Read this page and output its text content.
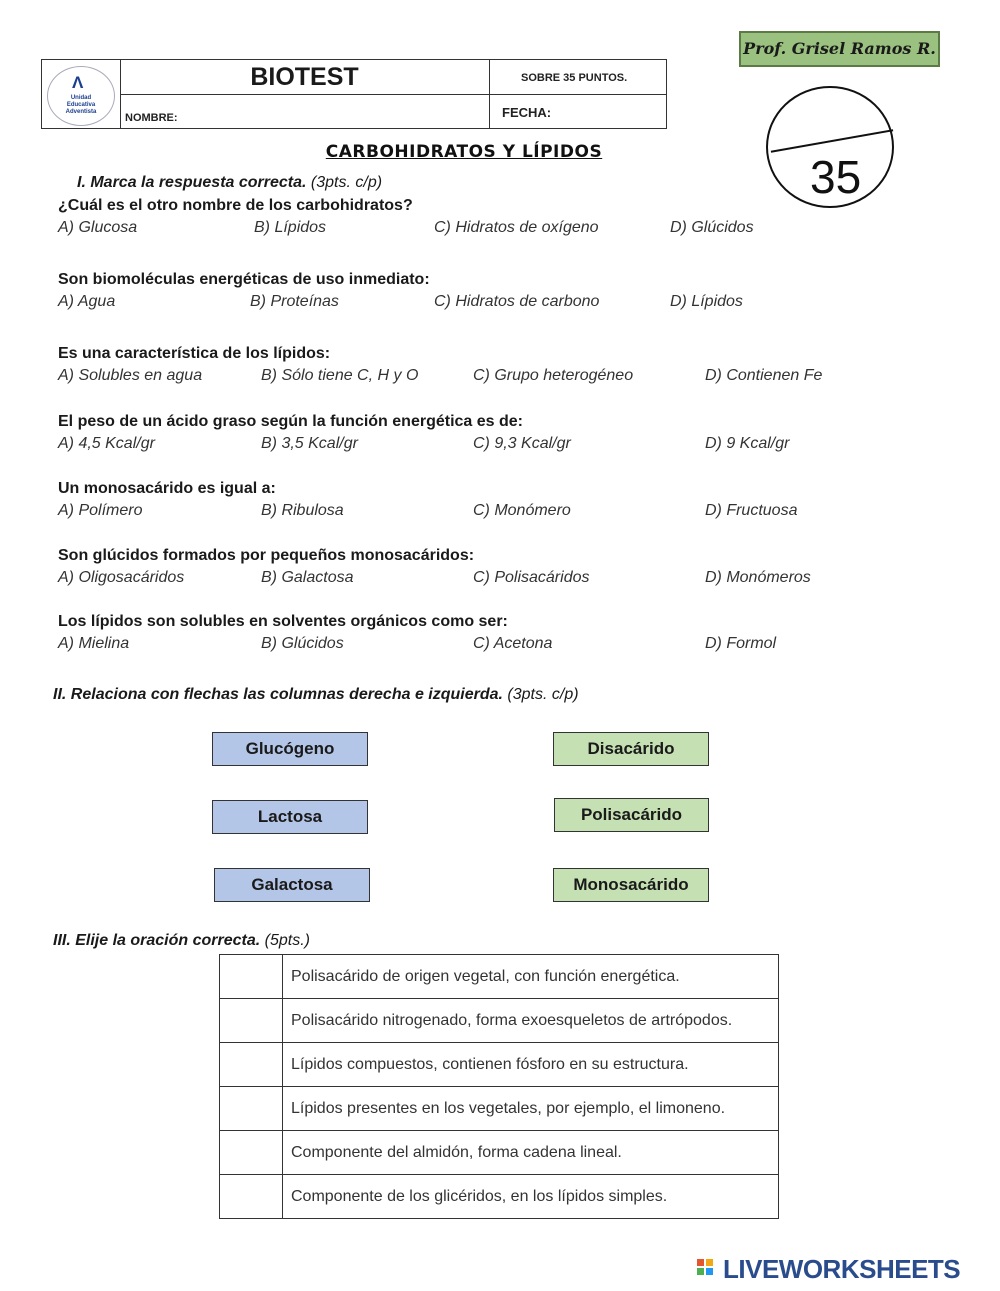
Λ
Unidad
Educativa
Adventista
BIOTEST	SOBRE 35 PUNTOS.
NOMBRE:	FECHA:
Prof. Grisel Ramos R.
35
CARBOHIDRATOS Y LÍPIDOS
I. Marca la respuesta correcta. (3pts. c/p)
¿Cuál es el otro nombre de los carbohidratos?
A) Glucosa	B) Lípidos	C) Hidratos de oxígeno	D) Glúcidos
Son biomoléculas energéticas de uso inmediato:
A) Agua	B) Proteínas	C) Hidratos de carbono	D) Lípidos
Es una característica de los lípidos:
A) Solubles en agua	B) Sólo tiene C, H y O	C) Grupo heterogéneo	D) Contienen Fe
El peso de un ácido graso según la función energética es de:
A) 4,5 Kcal/gr	B) 3,5 Kcal/gr	C) 9,3 Kcal/gr	D) 9 Kcal/gr
Un monosacárido es igual a:
A) Polímero	B) Ribulosa	C) Monómero	D) Fructuosa
Son glúcidos formados por pequeños monosacáridos:
A) Oligosacáridos	B) Galactosa	C) Polisacáridos	D) Monómeros
Los lípidos son solubles en solventes orgánicos como ser:
A) Mielina	B) Glúcidos	C) Acetona	D) Formol
II. Relaciona con flechas las columnas derecha e izquierda. (3pts. c/p)
Glucógeno
Lactosa
Galactosa
Disacárido
Polisacárido
Monosacárido
III. Elije la oración correcta. (5pts.)
	Polisacárido de origen vegetal, con función energética.
	Polisacárido nitrogenado, forma exoesqueletos de artrópodos.
	Lípidos compuestos, contienen fósforo en su estructura.
	Lípidos presentes en los vegetales, por ejemplo, el limoneno.
	Componente del almidón, forma cadena lineal.
	Componente de los glicéridos, en los lípidos simples.
LIVEWORKSHEETS
